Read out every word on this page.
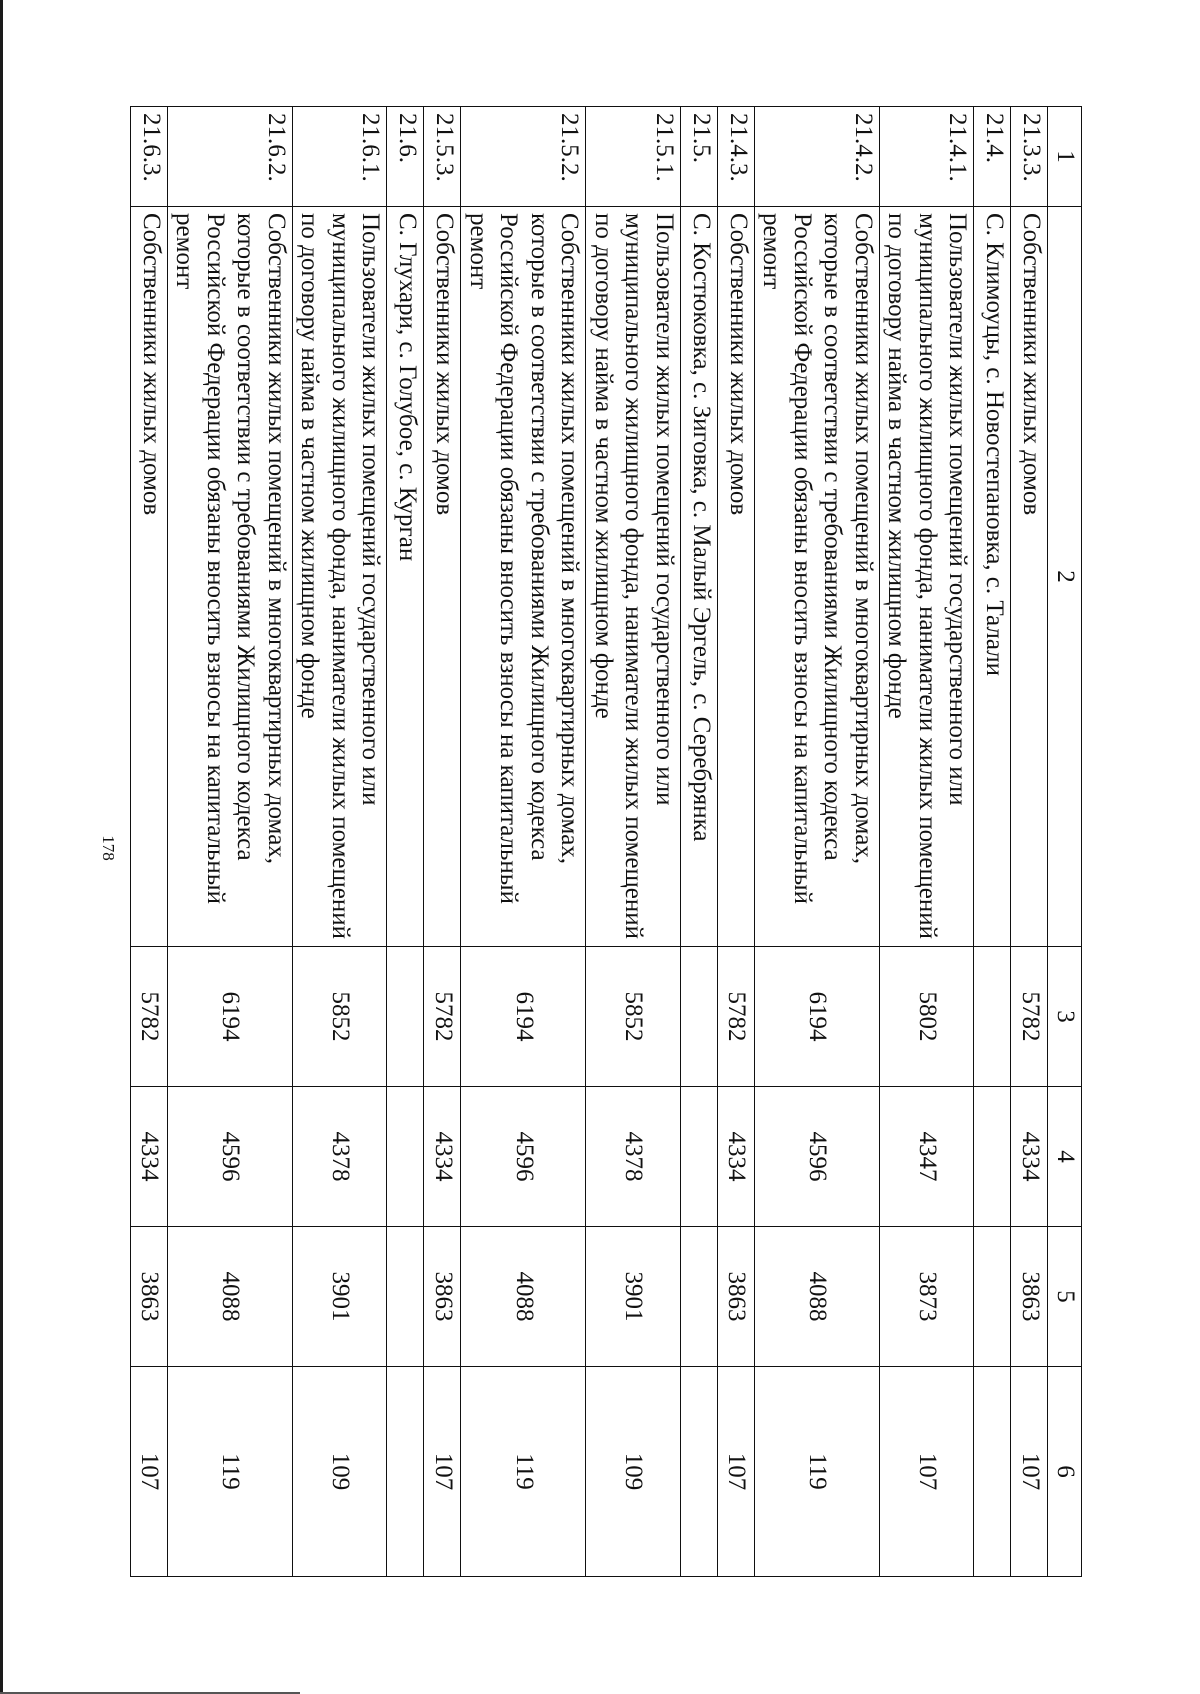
178
1	2	3	4	5	6
21.3.3.	Собственники жилых домов	5782	4334	3863	107
21.4.	С. Климоуцы, с. Новостепановка, с. Талали				
21.4.1.	Пользователи жилых помещений государственного или муниципального жилищного фонда, наниматели жилых помещений по договору найма в частном жилищном фонде	5802	4347	3873	107
21.4.2.	Собственники жилых помещений в многоквартирных домах, которые в соответствии с требованиями Жилищного кодекса Российской Федерации обязаны вносить взносы на капитальный ремонт	6194	4596	4088	119
21.4.3.	Собственники жилых домов	5782	4334	3863	107
21.5.	С. Костюковка, с. Зиговка, с. Малый Эргель, с. Серебрянка				
21.5.1.	Пользователи жилых помещений государственного или муниципального жилищного фонда, наниматели жилых помещений по договору найма в частном жилищном фонде	5852	4378	3901	109
21.5.2.	Собственники жилых помещений в многоквартирных домах, которые в соответствии с требованиями Жилищного кодекса Российской Федерации обязаны вносить взносы на капитальный ремонт	6194	4596	4088	119
21.5.3.	Собственники жилых домов	5782	4334	3863	107
21.6.	С. Глухари, с. Голубое, с. Курган				
21.6.1.	Пользователи жилых помещений государственного или муниципального жилищного фонда, наниматели жилых помещений по договору найма в частном жилищном фонде	5852	4378	3901	109
21.6.2.	Собственники жилых помещений в многоквартирных домах, которые в соответствии с требованиями Жилищного кодекса Российской Федерации обязаны вносить взносы на капитальный ремонт	6194	4596	4088	119
21.6.3.	Собственники жилых домов	5782	4334	3863	107
